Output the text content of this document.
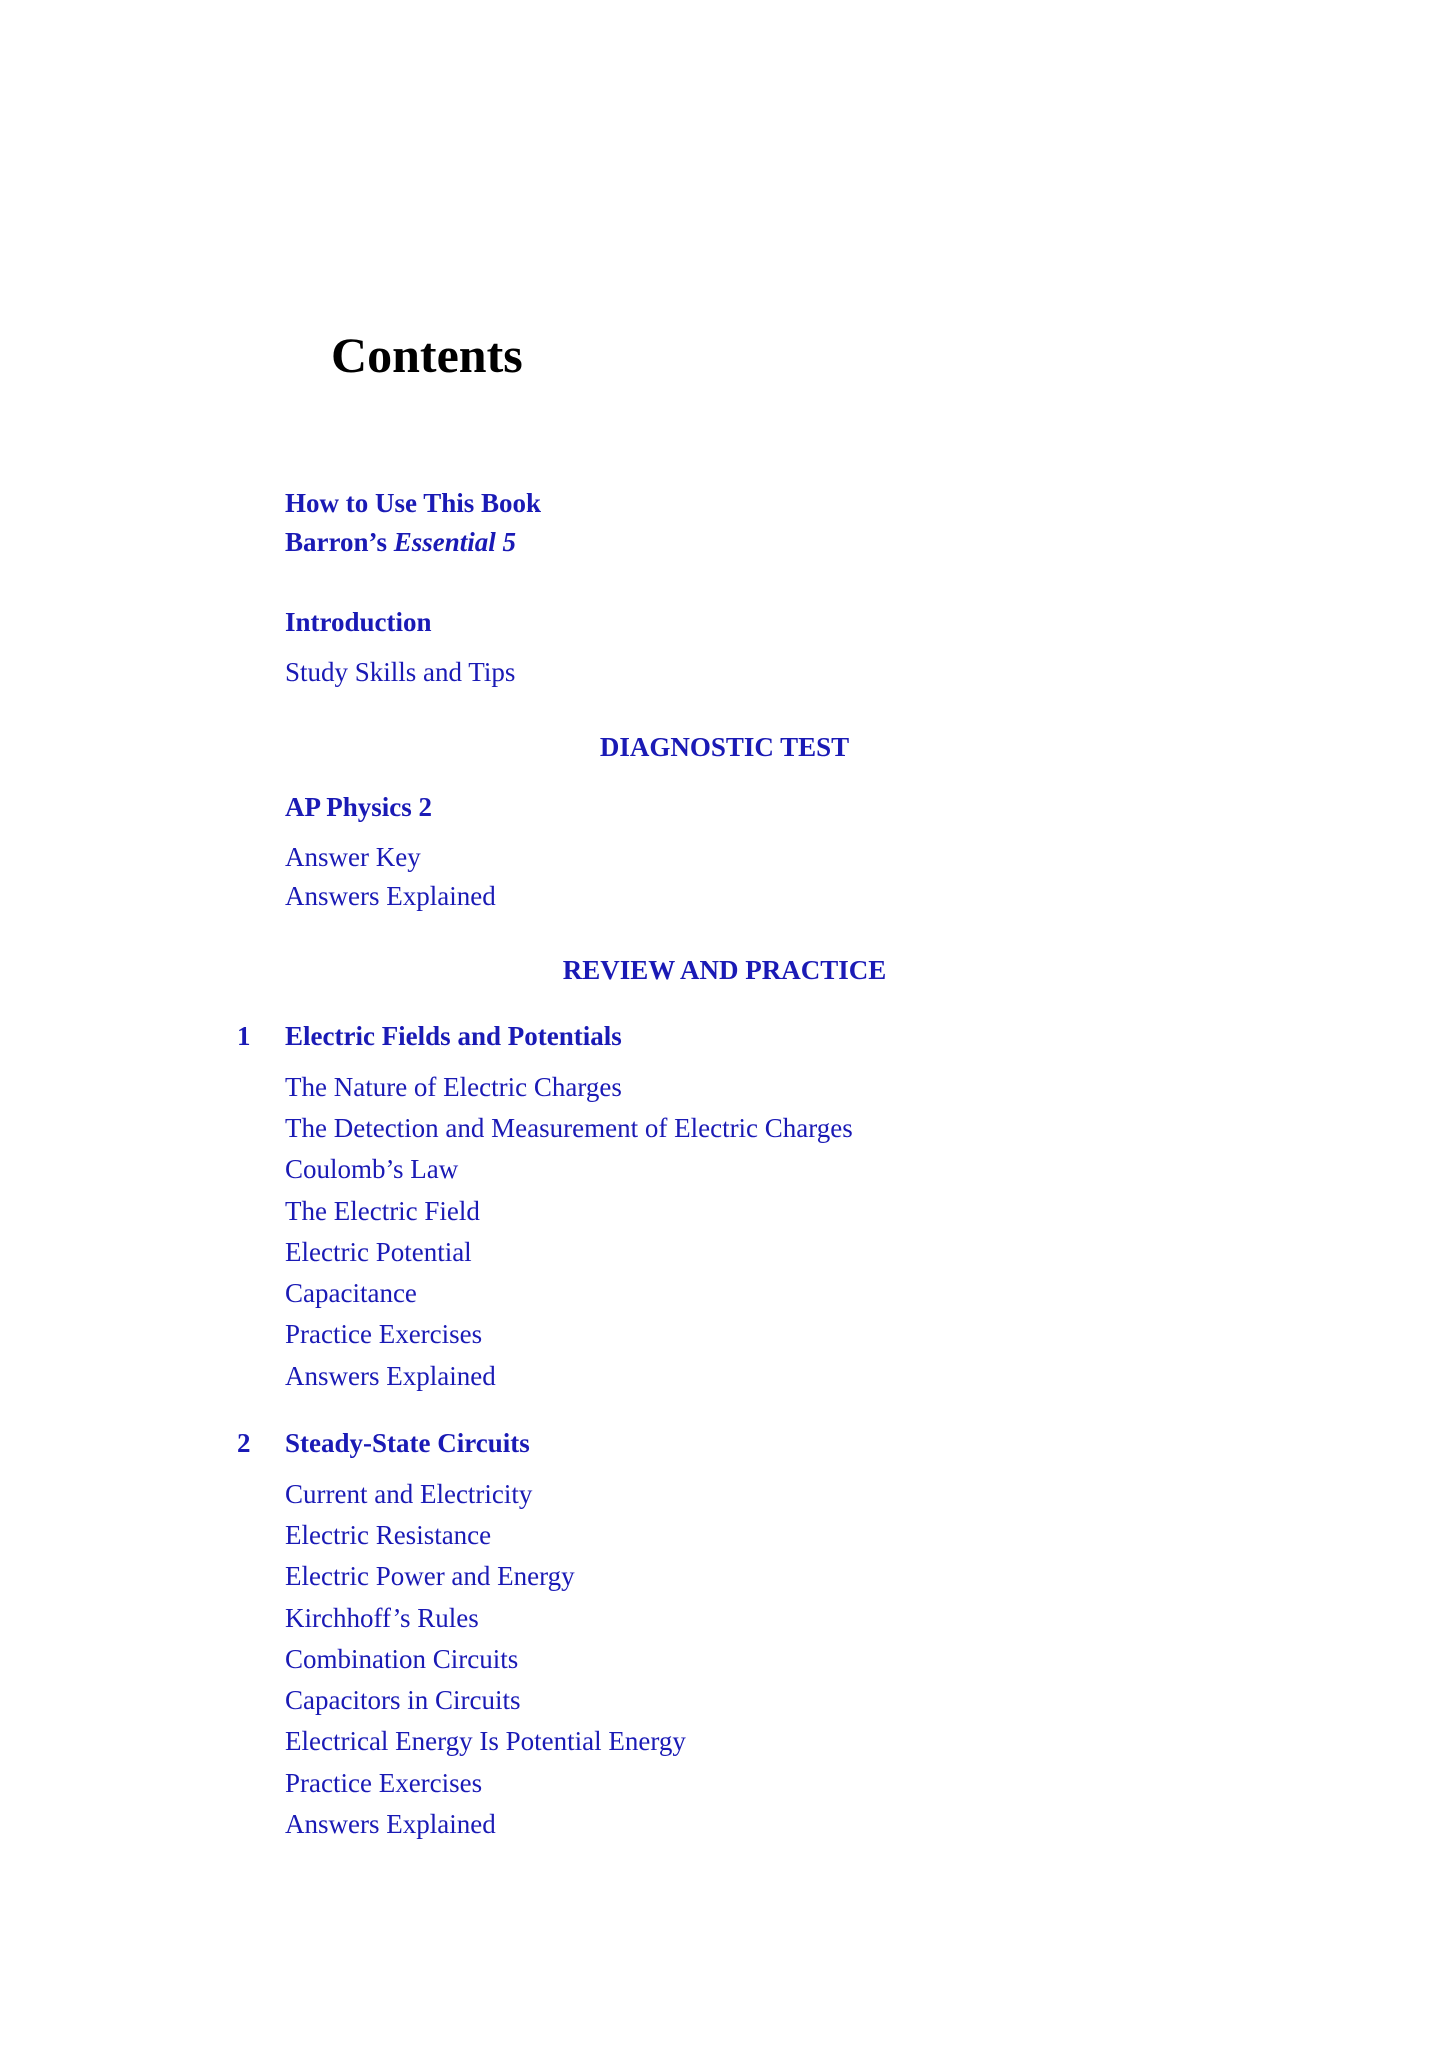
Contents
How to Use This Book
Barron’s Essential 5
Introduction
Study Skills and Tips
DIAGNOSTIC TEST
AP Physics 2
Answer Key
Answers Explained
REVIEW AND PRACTICE
1 Electric Fields and Potentials
The Nature of Electric Charges
The Detection and Measurement of Electric Charges
Coulomb’s Law
The Electric Field
Electric Potential
Capacitance
Practice Exercises
Answers Explained
2 Steady-State Circuits
Current and Electricity
Electric Resistance
Electric Power and Energy
Kirchhoff’s Rules
Combination Circuits
Capacitors in Circuits
Electrical Energy Is Potential Energy
Practice Exercises
Answers Explained
